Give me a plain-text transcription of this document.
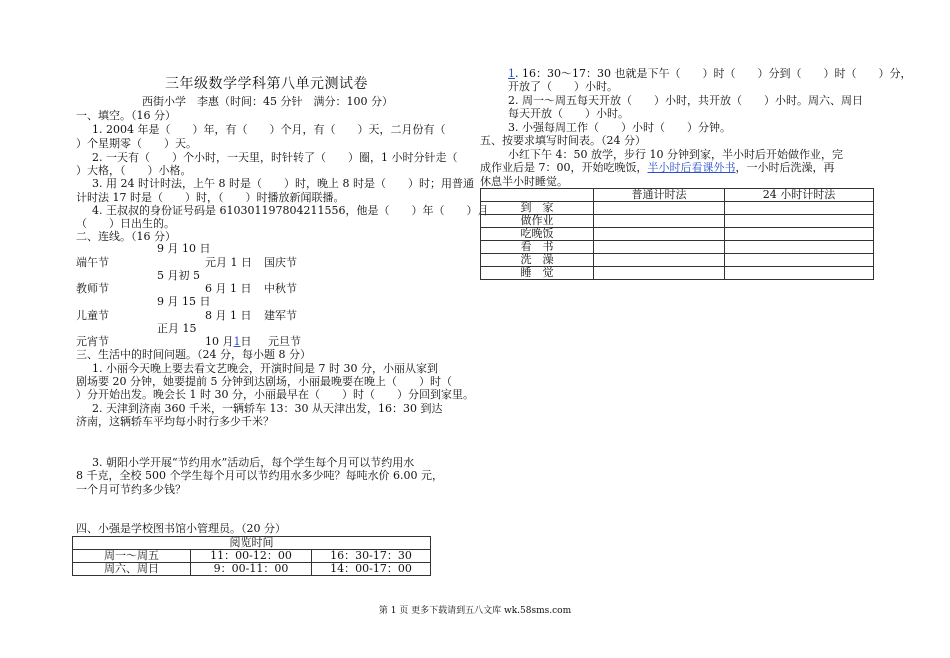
三年级数学学科第八单元测试卷
西街小学　李惠（时间：45 分针　满分：100 分）
一、填空。（16 分）
1. 2004 年是（　　）年，有（　　）个月，有（　　）天，二月份有（
）个星期零（　　）天。
2. 一天有（　　）个小时，一天里，时针转了（　　）圈，1 小时分针走（
）大格，（　　）小格。
3. 用 24 时计时法，上午 8 时是（　　）时，晚上 8 时是（　　）时；用普通
计时法 17 时是（　　）时，（　　）时播放新闻联播。
4. 王叔叔的身份证号码是 610301197804211556，他是（　　）年（　　）月
（　　）日出生的。
二、连线。（16 分）
9 月 10 日
端午节	元月 1 日 国庆节
5 月初 5
教师节	6 月 1 日 中秋节
9 月 15 日
儿童节	8 月 1 日 建军节
正月 15
元宵节	10 月1日 元旦节
三、生活中的时间问题。（24 分，每小题 8 分）
1. 小丽今天晚上要去看文艺晚会，开演时间是 7 时 30 分，小丽从家到
剧场要 20 分钟，她要提前 5 分钟到达剧场，小丽最晚要在晚上（　　）时（
）分开始出发。晚会长 1 时 30 分，小丽最早在（　　）时（　　）分回到家里。
2. 天津到济南 360 千米，一辆轿车 13：30 从天津出发，16：30 到达
济南，这辆轿车平均每小时行多少千米？
3. 朝阳小学开展“节约用水”活动后，每个学生每个月可以节约用水
8 千克，全校 500 个学生每个月可以节约用水多少吨？每吨水价 6.00 元，
一个月可节约多少钱？
四、小强是学校图书馆小管理员。（20 分）
阅览时间		
周一～周五	11：00-12：00	16：30-17：30
周六、周日	9：00-11：00	14：00-17：00
1. 16：30～17：30 也就是下午（　　）时（　　）分到（　　）时（　　）分，
开放了（　　）小时。
2. 周一～周五每天开放（　　）小时，共开放（　　）小时。周六、周日
每天开放（　　）小时。
3. 小强每周工作（　　）小时（　　）分钟。
五、按要求填写时间表。（24 分）
小红下午 4：50 放学，步行 10 分钟到家，半小时后开始做作业，完
成作业后是 7：00，开始吃晚饭，半小时后看课外书，一小时后洗澡，再
休息半小时睡觉。
	普通计时法	24 小时计时法
到　家		
做作业		
吃晚饭		
看　书		
洗　澡		
睡　觉		
第 1 页 更多下载请到五八文库 wk.58sms.com
